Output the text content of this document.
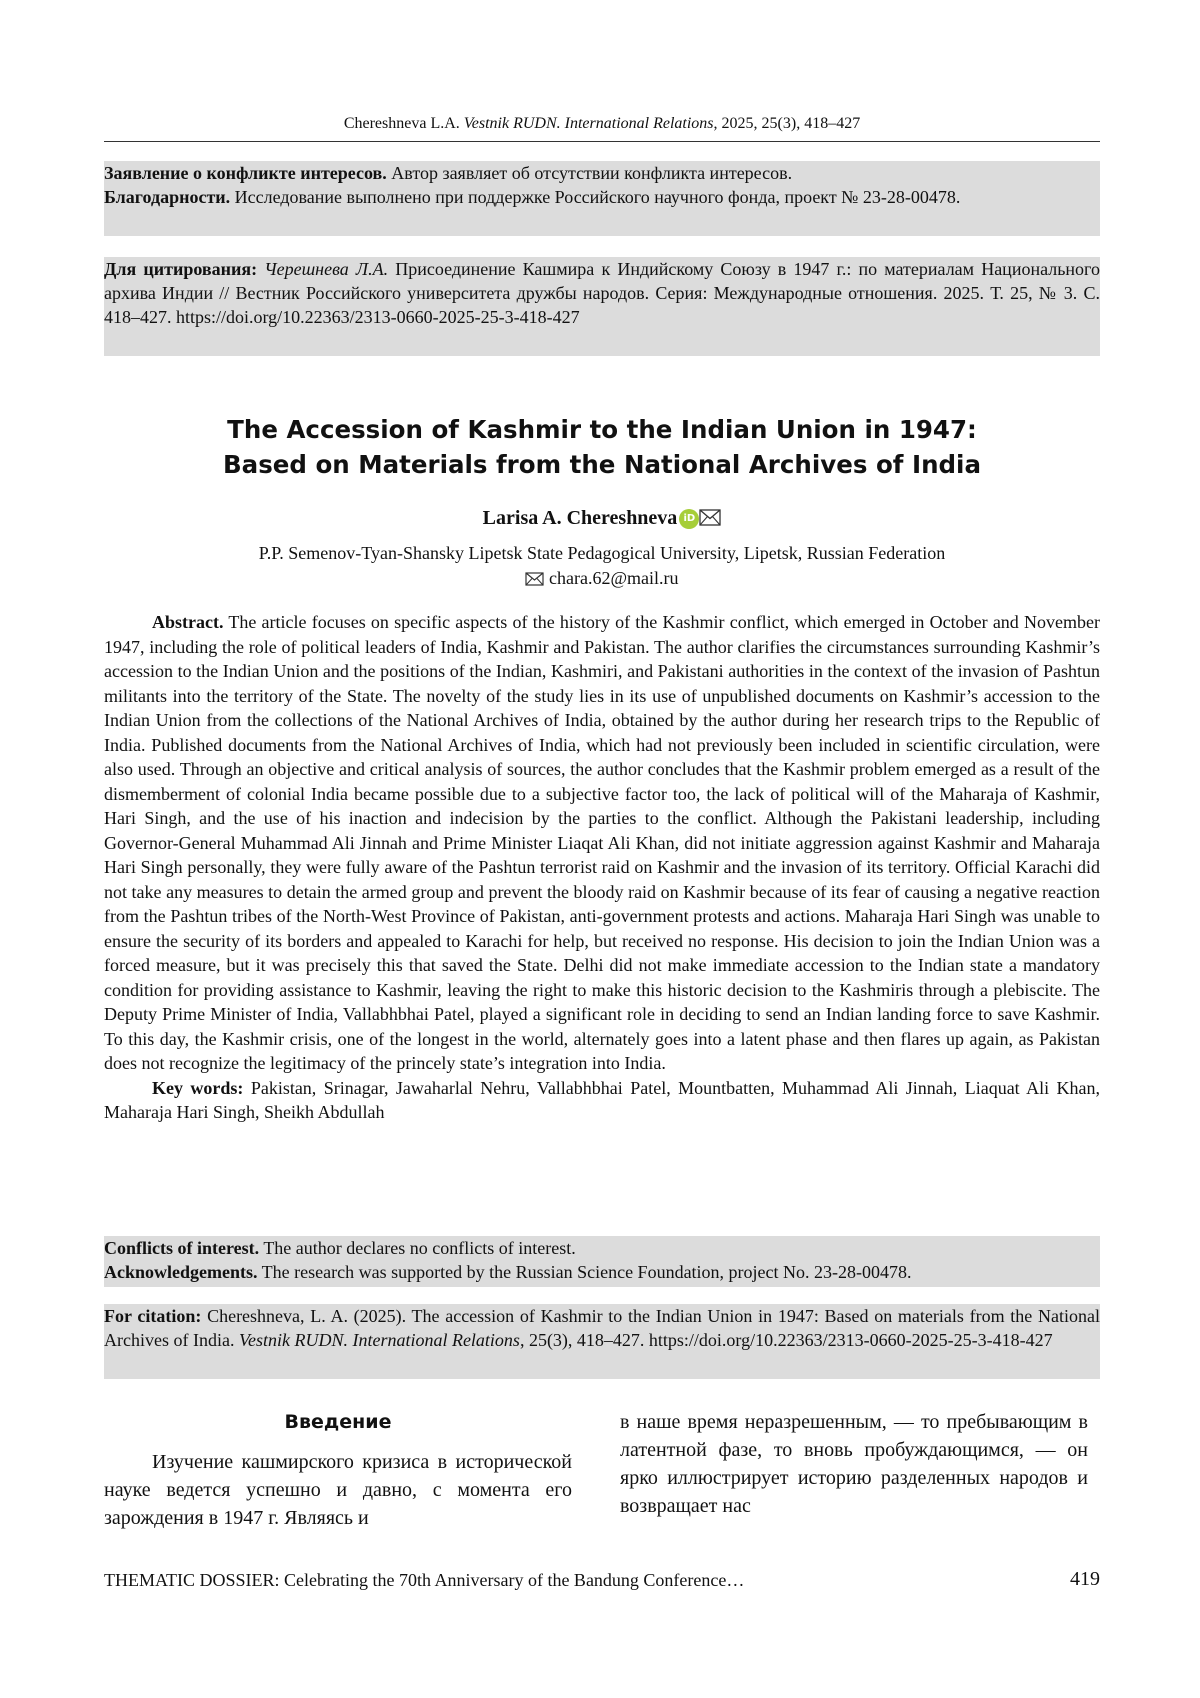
Chereshneva L.A. Vestnik RUDN. International Relations, 2025, 25(3), 418–427

Заявление о конфликте интересов. Автор заявляет об отсутствии конфликта интересов.

Благодарности. Исследование выполнено при поддержке Российского научного фонда, проект № 23-28-00478.

Для цитирования: Черешнева Л.А. Присоединение Кашмира к Индийскому Союзу в 1947 г.: по материалам Национального архива Индии // Вестник Российского университета дружбы народов. Серия: Международные отношения. 2025. Т. 25, № 3. С. 418–427. https://doi.org/10.22363/2313-0660-2025-25-3-418-427

The Accession of Kashmir to the Indian Union in 1947:
Based on Materials from the National Archives of India
Larisa A. Chereshneva iD
P.P. Semenov-Tyan-Shansky Lipetsk State Pedagogical University, Lipetsk, Russian Federation
chara.62@mail.ru

Abstract. The article focuses on specific aspects of the history of the Kashmir conflict, which emerged in October and November 1947, including the role of political leaders of India, Kashmir and Pakistan. The author clarifies the circumstances surrounding Kashmir’s accession to the Indian Union and the positions of the Indian, Kashmiri, and Pakistani authorities in the context of the invasion of Pashtun militants into the territory of the State. The novelty of the study lies in its use of unpublished documents on Kashmir’s accession to the Indian Union from the collections of the National Archives of India, obtained by the author during her research trips to the Republic of India. Published documents from the National Archives of India, which had not previously been included in scientific circulation, were also used. Through an objective and critical analysis of sources, the author concludes that the Kashmir problem emerged as a result of the dismemberment of colonial India became possible due to a subjective factor too, the lack of political will of the Maharaja of Kashmir, Hari Singh, and the use of his inaction and indecision by the parties to the conflict. Although the Pakistani leadership, including Governor-General Muhammad Ali Jinnah and Prime Minister Liaqat Ali Khan, did not initiate aggression against Kashmir and Maharaja Hari Singh personally, they were fully aware of the Pashtun terrorist raid on Kashmir and the invasion of its territory. Official Karachi did not take any measures to detain the armed group and prevent the bloody raid on Kashmir because of its fear of causing a negative reaction from the Pashtun tribes of the North-West Province of Pakistan, anti-government protests and actions. Maharaja Hari Singh was unable to ensure the security of its borders and appealed to Karachi for help, but received no response. His decision to join the Indian Union was a forced measure, but it was precisely this that saved the State. Delhi did not make immediate accession to the Indian state a mandatory condition for providing assistance to Kashmir, leaving the right to make this historic decision to the Kashmiris through a plebiscite. The Deputy Prime Minister of India, Vallabhbhai Patel, played a significant role in deciding to send an Indian landing force to save Kashmir. To this day, the Kashmir crisis, one of the longest in the world, alternately goes into a latent phase and then flares up again, as Pakistan does not recognize the legitimacy of the princely state’s integration into India.

Key words: Pakistan, Srinagar, Jawaharlal Nehru, Vallabhbhai Patel, Mountbatten, Muhammad Ali Jinnah, Liaquat Ali Khan, Maharaja Hari Singh, Sheikh Abdullah

Conflicts of interest. The author declares no conflicts of interest.

Acknowledgements. The research was supported by the Russian Science Foundation, project No. 23-28-00478.

For citation: Chereshneva, L. A. (2025). The accession of Kashmir to the Indian Union in 1947: Based on materials from the National Archives of India. Vestnik RUDN. International Relations, 25(3), 418–427. https://doi.org/10.22363/2313-0660-2025-25-3-418-427

Введение

Изучение кашмирского кризиса в исторической науке ведется успешно и давно, с момента его зарождения в 1947 г. Являясь и

в наше время неразрешенным, — то пребывающим в латентной фазе, то вновь пробуждающимся, — он ярко иллюстрирует историю разделенных народов и возвращает нас

THEMATIC DOSSIER: Celebrating the 70th Anniversary of the Bandung Conference…	419
